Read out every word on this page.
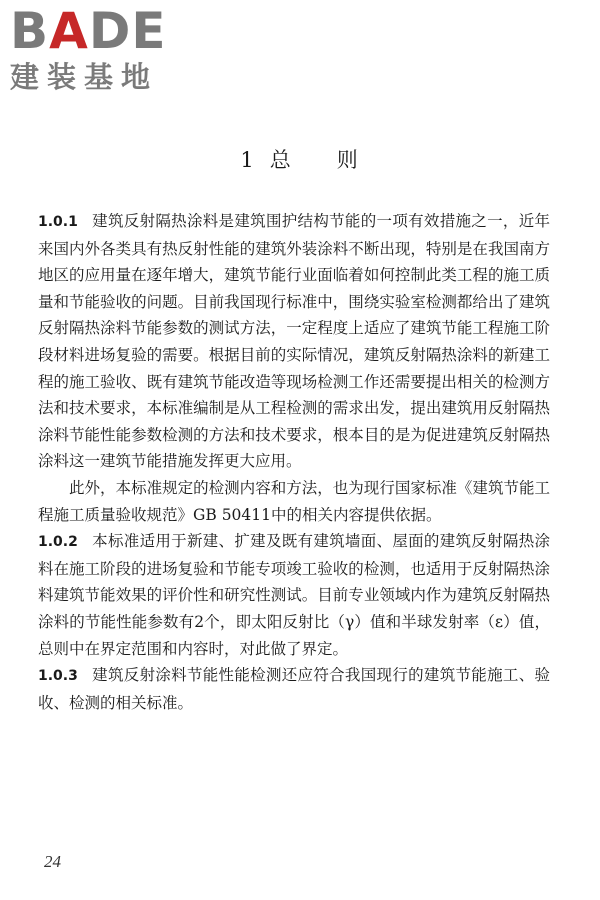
BADE
建装基地
1 总 则

1.0.1 建筑反射隔热涂料是建筑围护结构节能的一项有效措施之一，近年来国内外各类具有热反射性能的建筑外装涂料不断出现，特别是在我国南方地区的应用量在逐年增大，建筑节能行业面临着如何控制此类工程的施工质量和节能验收的问题。目前我国现行标准中，围绕实验室检测都给出了建筑反射隔热涂料节能参数的测试方法，一定程度上适应了建筑节能工程施工阶段材料进场复验的需要。根据目前的实际情况，建筑反射隔热涂料的新建工程的施工验收、既有建筑节能改造等现场检测工作还需要提出相关的检测方法和技术要求，本标准编制是从工程检测的需求出发，提出建筑用反射隔热涂料节能性能参数检测的方法和技术要求，根本目的是为促进建筑反射隔热涂料这一建筑节能措施发挥更大应用。

此外，本标准规定的检测内容和方法，也为现行国家标准《建筑节能工程施工质量验收规范》GB 50411中的相关内容提供依据。

1.0.2 本标准适用于新建、扩建及既有建筑墙面、屋面的建筑反射隔热涂料在施工阶段的进场复验和节能专项竣工验收的检测，也适用于反射隔热涂料建筑节能效果的评价性和研究性测试。目前专业领域内作为建筑反射隔热涂料的节能性能参数有2个，即太阳反射比（γ）值和半球发射率（ε）值，总则中在界定范围和内容时，对此做了界定。

1.0.3 建筑反射涂料节能性能检测还应符合我国现行的建筑节能施工、验收、检测的相关标准。

24
